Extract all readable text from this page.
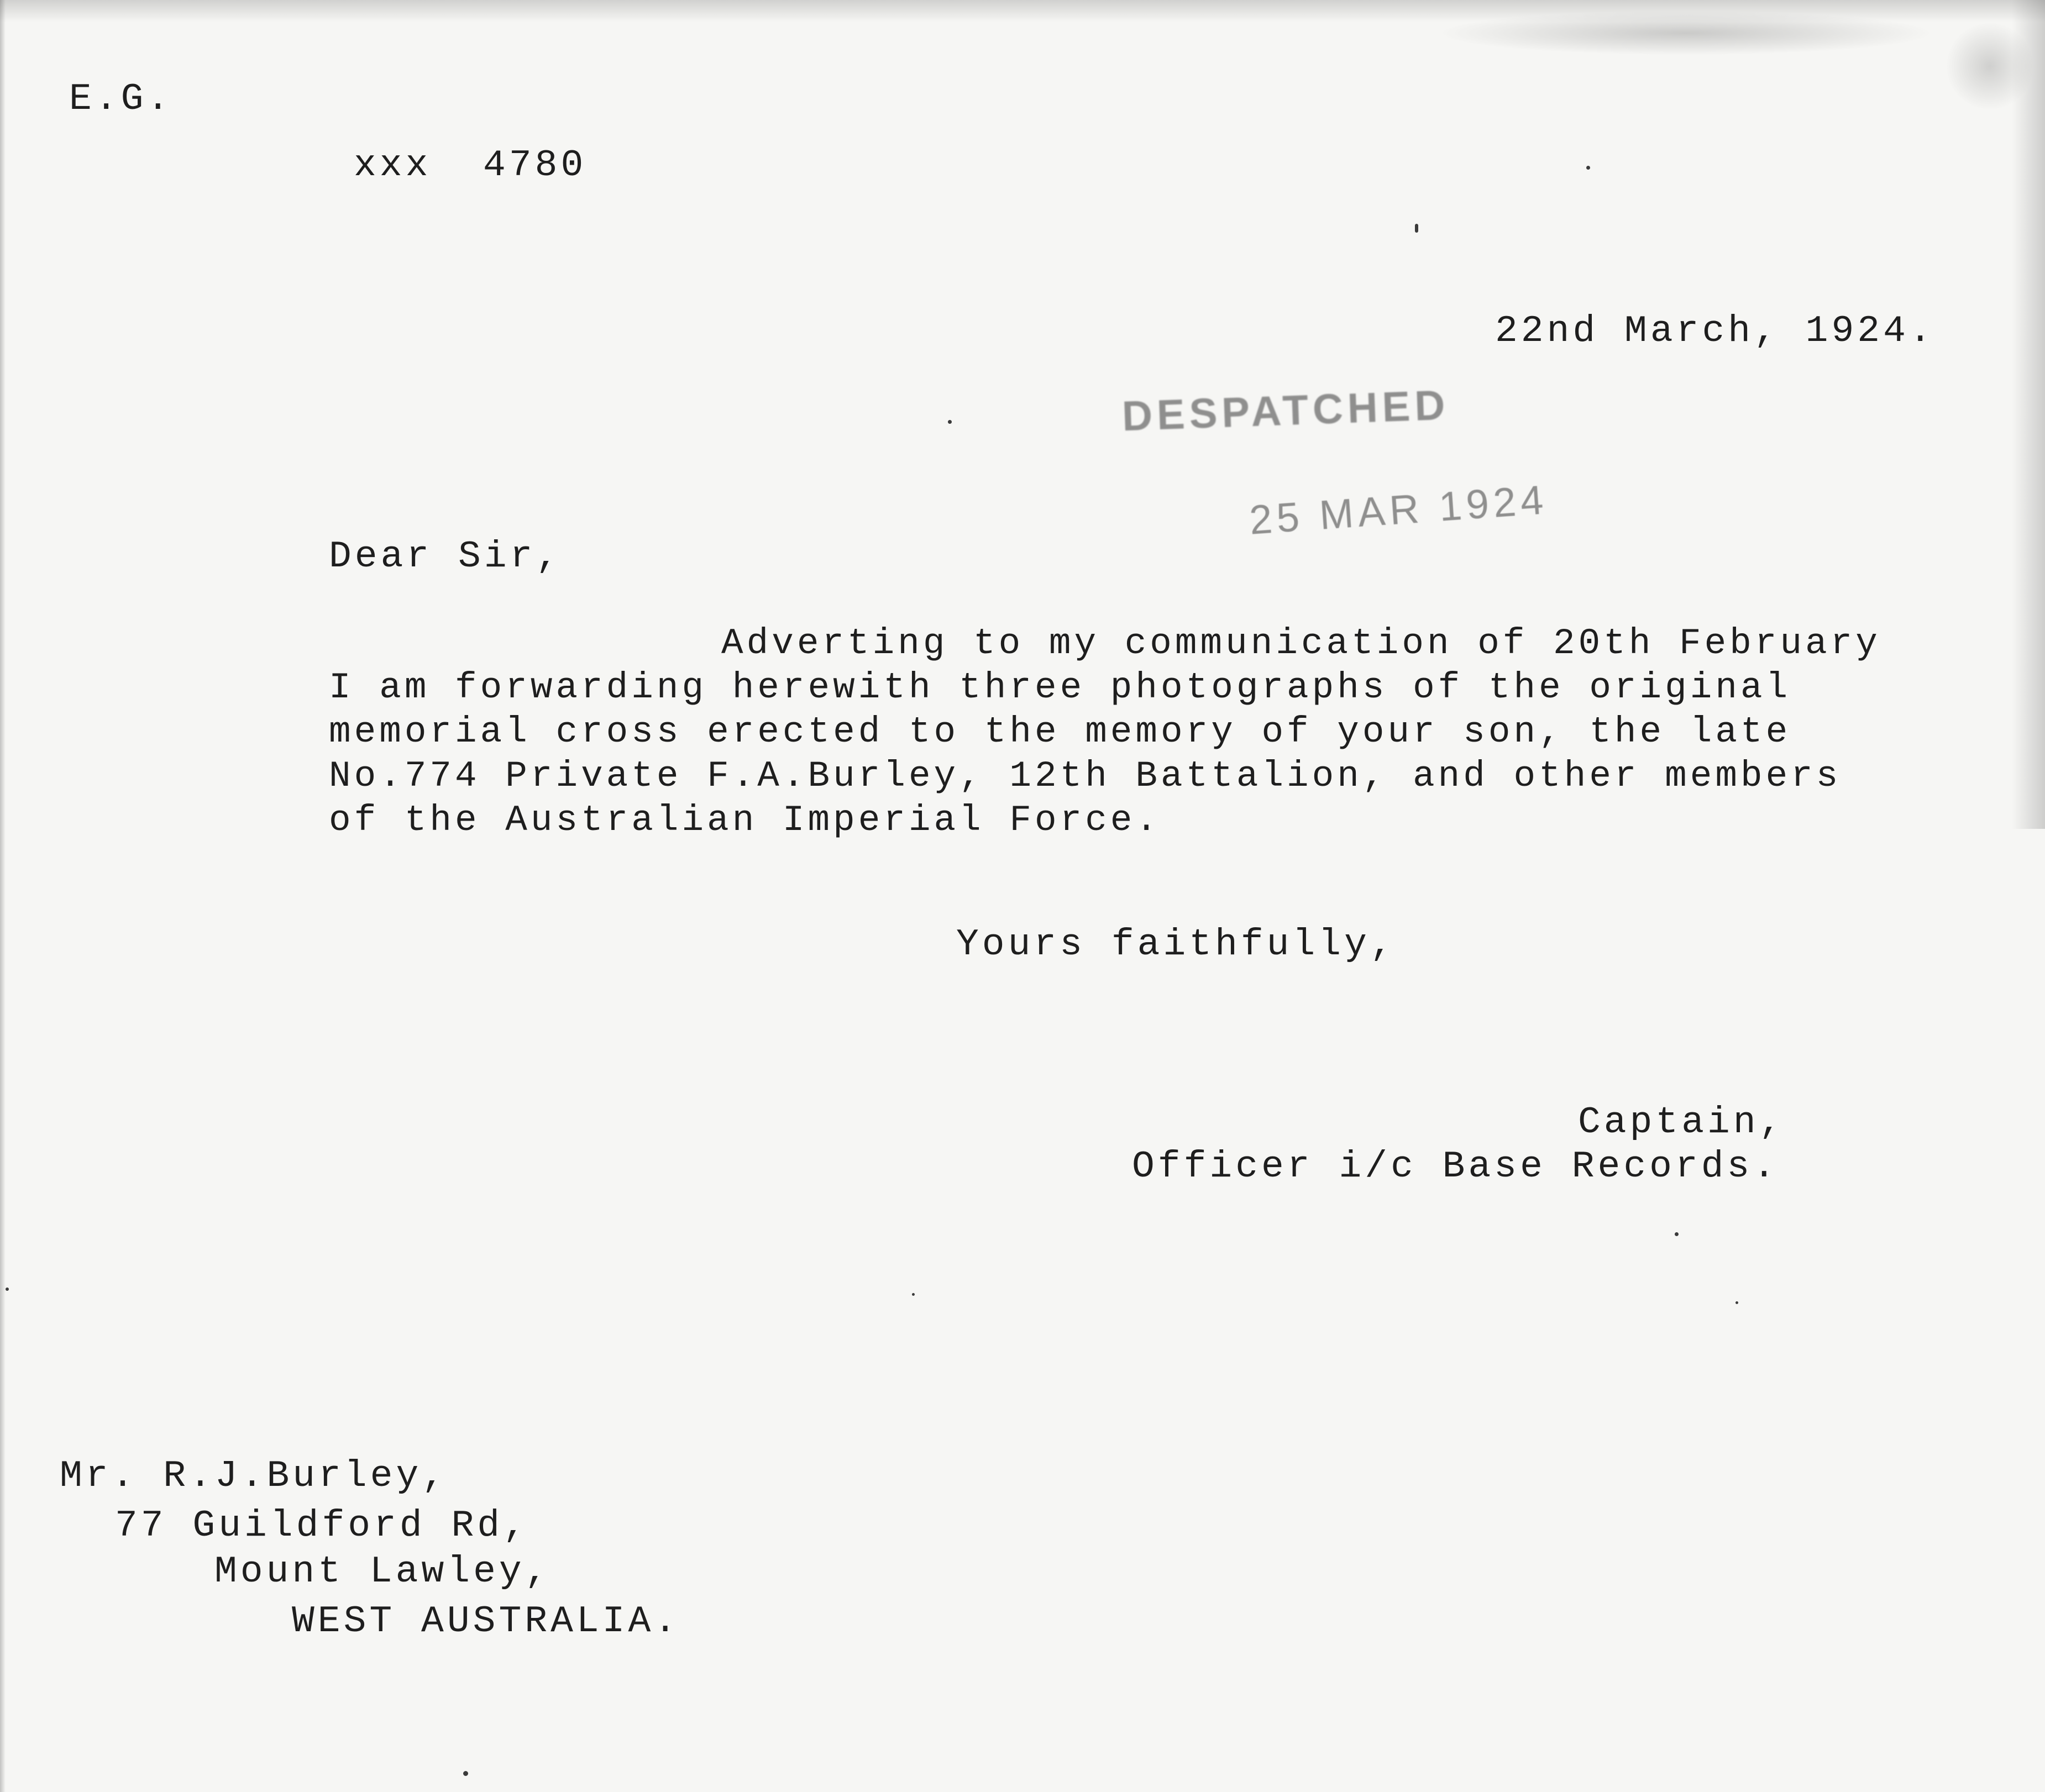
E.G.
xxx  4780
22nd March, 1924.
DESPATCHED
25 MAR 1924
Dear Sir,
Adverting to my communication of 20th February
I am forwarding herewith three photographs of the original
memorial cross erected to the memory of your son, the late
No.774 Private F.A.Burley, 12th Battalion, and other members
of the Australian Imperial Force.
Yours faithfully,
Captain,
Officer i/c Base Records.
Mr. R.J.Burley,
77 Guildford Rd,
Mount Lawley,
WEST AUSTRALIA.
